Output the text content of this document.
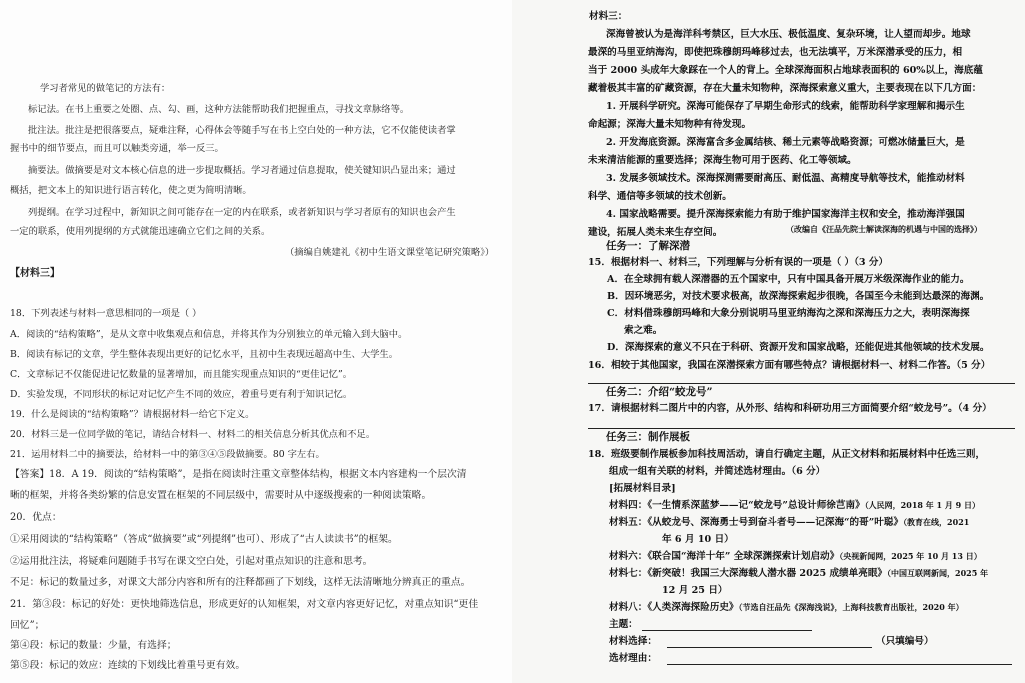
学习者常见的做笔记的方法有：
标记法。在书上重要之处圈、点、勾、画，这种方法能帮助我们把握重点，寻找文章脉络等。
批注法。批注是把很落要点，疑难注释，心得体会等随手写在书上空白处的一种方法，它不仅能使读者掌
握书中的细节要点，而且可以触类旁通，举一反三。
摘要法。做摘要是对文本核心信息的进一步提取概括。学习者通过信息提取，使关键知识凸显出来；通过
概括，把文本上的知识进行语言转化，使之更为简明清晰。
列提纲。在学习过程中，新知识之间可能存在一定的内在联系，或者新知识与学习者原有的知识也会产生
一定的联系，使用列提纲的方式就能迅速确立它们之间的关系。
（摘编自姚建礼《初中生语文课堂笔记研究策略》）
【材料三】
18．下列表述与材料一意思相同的一项是（ ）
A．阅读的“结构策略”，是从文章中收集观点和信息，并将其作为分别独立的单元输入到大脑中。
B．阅读有标记的文章，学生整体表现出更好的记忆水平，且初中生表现远超高中生、大学生。
C．文章标记不仅能促进记忆数量的显著增加，而且能实现重点知识的“更佳记忆”。
D．实验发现，不同形状的标记对记忆产生不同的效应，着重号更有利于知识记忆。
19．什么是阅读的“结构策略”？请根据材料一给它下定义。
20．材料三是一位同学做的笔记，请结合材料一、材料二的相关信息分析其优点和不足。
21．运用材料二中的摘要法，给材料一中的第③④⑤段做摘要。80 字左右。
【答案】18．A 19．阅读的“结构策略”，是指在阅读时注重文章整体结构，根据文本内容建构一个层次清
晰的框架，并将各类纷繁的信息安置在框架的不同层级中，需要时从中逐级搜索的一种阅读策略。
20．优点：
①采用阅读的“结构策略”（答成“做摘要”或“列提纲”也可）、形成了“古人读读书”的框架。
②运用批注法，将疑难问题随手书写在课文空白处，引起对重点知识的注意和思考。
不足：标记的数量过多，对课文大部分内容和所有的注释都画了下划线，这样无法清晰地分辨真正的重点。
21．第③段：标记的好处：更快地筛选信息，形成更好的认知框架，对文章内容更好记忆，对重点知识“更佳
回忆”；
第④段：标记的数量：少量，有选择；
第⑤段：标记的效应：连续的下划线比着重号更有效。
材料三：
深海曾被认为是海洋科考禁区，巨大水压、极低温度、复杂环境，让人望而却步。地球
最深的马里亚纳海沟，即使把珠穆朗玛峰移过去，也无法填平，万米深潜承受的压力，相
当于 2000 头成年大象踩在一个人的背上。全球深海面积占地球表面积的 60%以上，海底蕴
藏着极其丰富的矿藏资源，存在大量未知物种，深海探索意义重大，主要表现在以下几方面：
1. 开展科学研究。深海可能保存了早期生命形式的线索，能帮助科学家理解和揭示生
命起源；深海大量未知物种有待发现。
2. 开发海底资源。深海富含多金属结核、稀土元素等战略资源；可燃冰储量巨大，是
未来清洁能源的重要选择；深海生物可用于医药、化工等领域。
3. 发展多领域技术。深海探测需要耐高压、耐低温、高精度导航等技术，能推动材料
科学、通信等多领域的技术创新。
4. 国家战略需要。提升深海探索能力有助于维护国家海洋主权和安全，推动海洋强国
建设，拓展人类未来生存空间。	（改编自《汪品先院士解读深海的机遇与中国的选择》）
任务一：了解深潜
15．根据材料一、材料三，下列理解与分析有误的一项是（ ）（3 分）
A．在全球拥有载人深潜器的五个国家中，只有中国具备开展万米级深海作业的能力。
B．因环境恶劣，对技术要求极高，故深海探索起步很晚，各国至今未能到达最深的海渊。
C．材料借珠穆朗玛峰和大象分别说明马里亚纳海沟之深和深海压力之大，表明深海探
索之难。
D．深海探索的意义不只在于科研、资源开发和国家战略，还能促进其他领域的技术发展。
16．相较于其他国家，我国在深潜探索方面有哪些特点？请根据材料一、材料二作答。（5 分）
任务二：介绍“蛟龙号”
17．请根据材料二图片中的内容，从外形、结构和科研功用三方面简要介绍“蛟龙号”。（4 分）
任务三：制作展板
18．班级要制作展板参加科技周活动，请自行确定主题，从正文材料和拓展材料中任选三则，
组成一组有关联的材料，并简述选材理由。（6 分）
[拓展材料目录]
材料四：《一生情系深蓝梦——记“蛟龙号”总设计师徐芑南》（人民网，2018 年 1 月 9 日）
材料五：《从蛟龙号、深海勇士号到奋斗者号——记深海“的哥”叶聪》（教育在线，2021
年 6 月 10 日）
材料六：《联合国“海洋十年” 全球深渊探索计划启动》（央视新闻网，2025 年 10 月 13 日）
材料七：《新突破！我国三大深海载人潜水器 2025 成绩单亮眼》（中国互联网新闻，2025 年
12 月 25 日）
材料八：《人类深海探险历史》（节选自汪品先《深海浅说》，上海科技教育出版社，2020 年）
主题：
材料选择：	（只填编号）
选材理由：
